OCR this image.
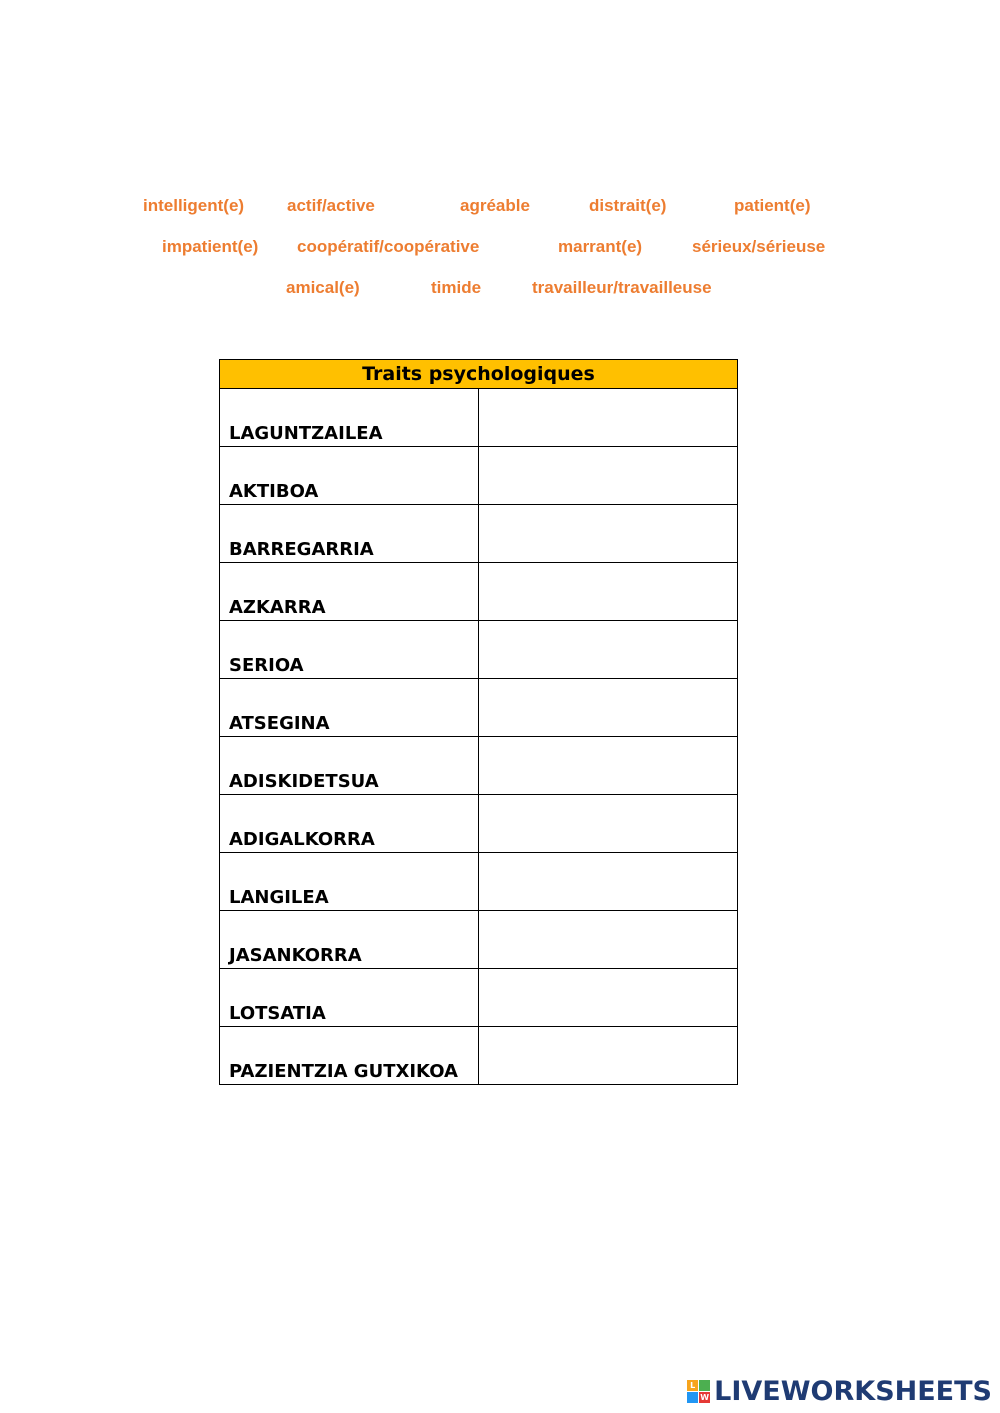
intelligent(e)	actif/active	agréable	distrait(e)	patient(e)
impatient(e) coopératif/coopérative	marrant(e)	sérieux/sérieuse
amical(e)	timide	travailleur/travailleuse
Traits psychologiques	
LAGUNTZAILEA	
AKTIBOA	
BARREGARRIA	
AZKARRA	
SERIOA	
ATSEGINA	
ADISKIDETSUA	
ADIGALKORRA	
LANGILEA	
JASANKORRA	
LOTSATIA	
PAZIENTZIA GUTXIKOA	
L
W LIVEWORKSHEETS
